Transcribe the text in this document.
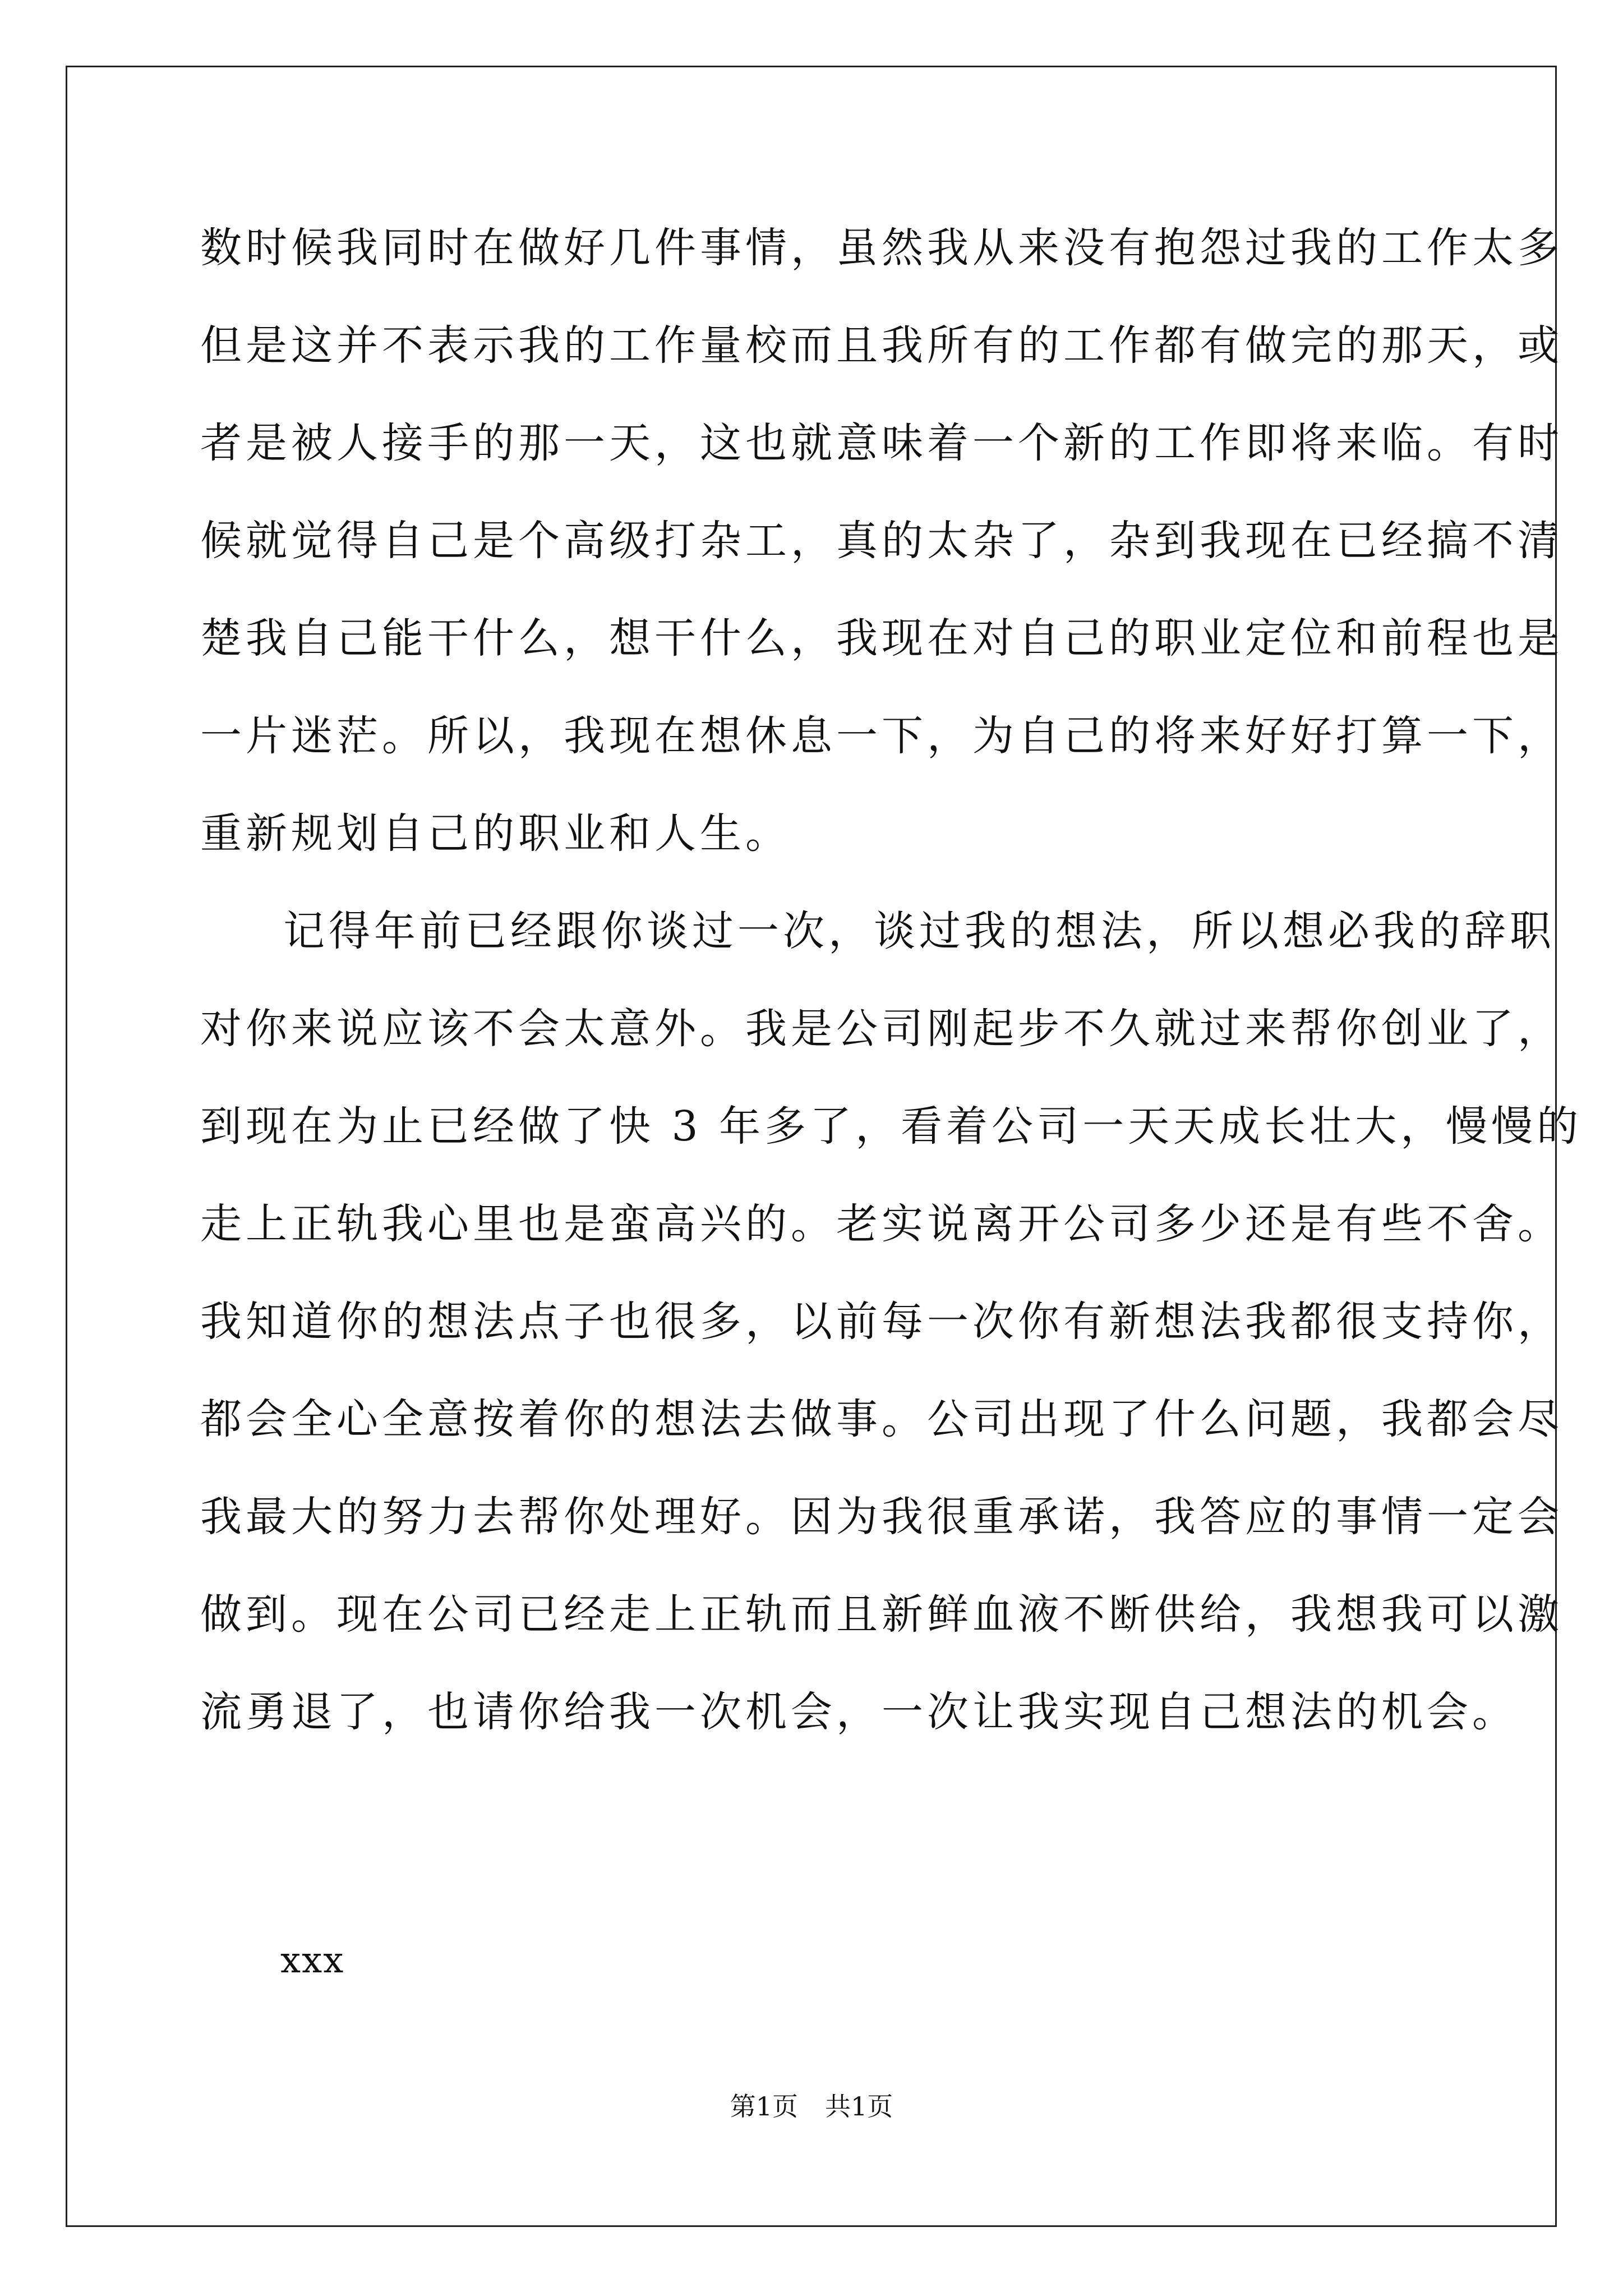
数时候我同时在做好几件事情，虽然我从来没有抱怨过我的工作太多
但是这并不表示我的工作量校而且我所有的工作都有做完的那天，或
者是被人接手的那一天，这也就意味着一个新的工作即将来临。有时
候就觉得自己是个高级打杂工，真的太杂了，杂到我现在已经搞不清
楚我自己能干什么，想干什么，我现在对自己的职业定位和前程也是
一片迷茫。所以，我现在想休息一下，为自己的将来好好打算一下，
重新规划自己的职业和人生。
记得年前已经跟你谈过一次，谈过我的想法，所以想必我的辞职
对你来说应该不会太意外。我是公司刚起步不久就过来帮你创业了，
到现在为止已经做了快 3 年多了，看着公司一天天成长壮大，慢慢的
走上正轨我心里也是蛮高兴的。老实说离开公司多少还是有些不舍。
我知道你的想法点子也很多，以前每一次你有新想法我都很支持你，
都会全心全意按着你的想法去做事。公司出现了什么问题，我都会尽
我最大的努力去帮你处理好。因为我很重承诺，我答应的事情一定会
做到。现在公司已经走上正轨而且新鲜血液不断供给，我想我可以激
流勇退了，也请你给我一次机会，一次让我实现自己想法的机会。
xxx
第1页 共1页
